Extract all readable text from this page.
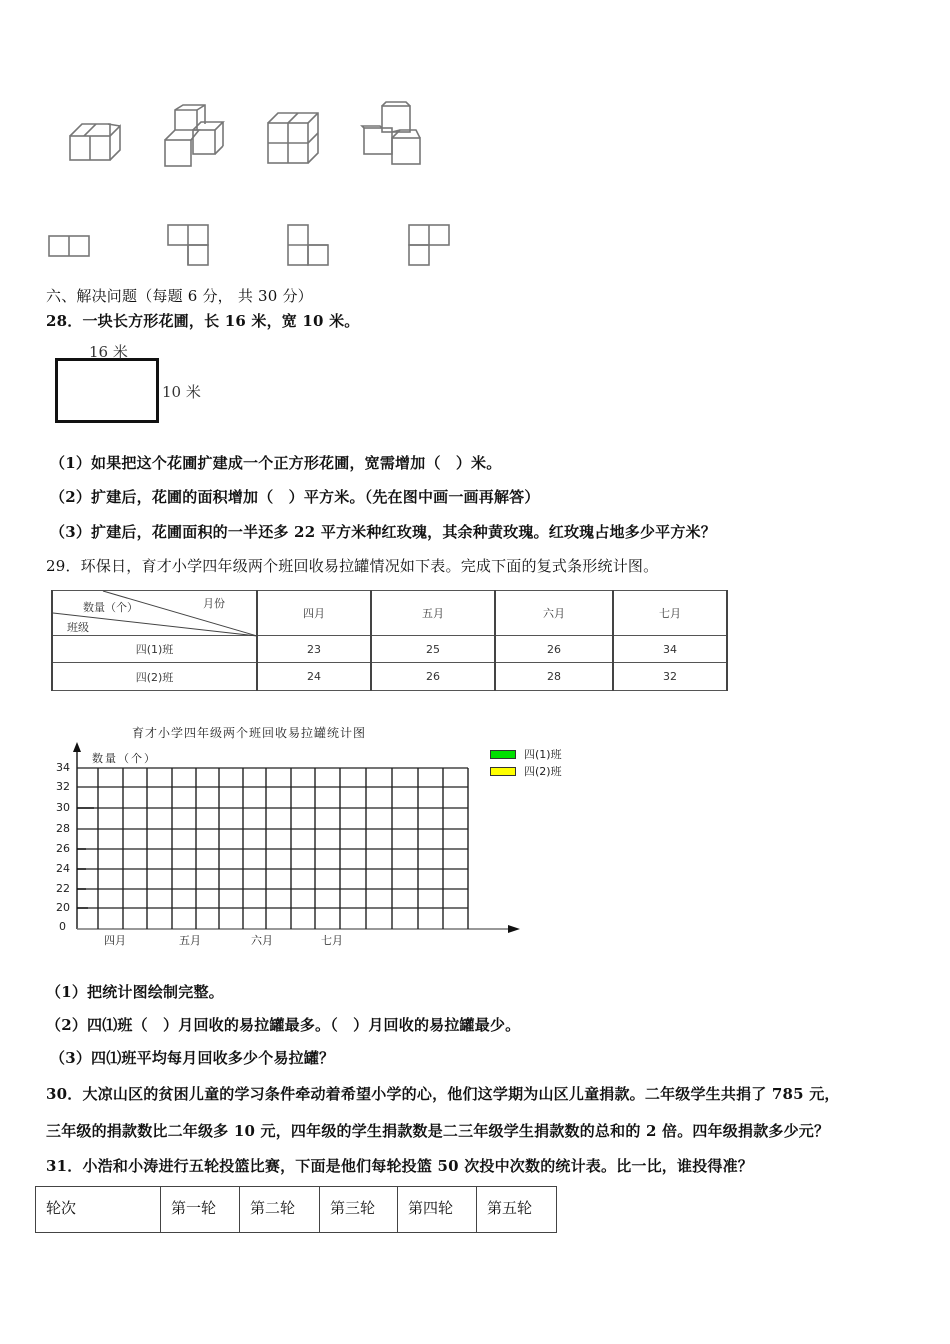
六、解决问题（每题 6 分， 共 30 分）
28．一块长方形花圃，长 16 米，宽 10 米。
16 米
10 米
（1）如果把这个花圃扩建成一个正方形花圃，宽需增加（　）米。
（2）扩建后，花圃的面积增加（　）平方米。（先在图中画一画再解答）
（3）扩建后，花圃面积的一半还多 22 平方米种红玫瑰，其余种黄玫瑰。红玫瑰占地多少平方米？
29．环保日，育才小学四年级两个班回收易拉罐情况如下表。完成下面的复式条形统计图。
月份
数量（个）
班级	四月	五月	六月	七月
四(1)班	23	25	26	34
四(2)班	24	26	28	32
育才小学四年级两个班回收易拉罐统计图
数量（个）
34
32
30
28
26
24
22
20
0
四月	五月	六月	七月
四(1)班
四(2)班
（1）把统计图绘制完整。
（2）四⑴班（　）月回收的易拉罐最多。（　）月回收的易拉罐最少。
（3）四⑴班平均每月回收多少个易拉罐？
30．大凉山区的贫困儿童的学习条件牵动着希望小学的心，他们这学期为山区儿童捐款。二年级学生共捐了 785 元，
三年级的捐款数比二年级多 10 元，四年级的学生捐款数是二三年级学生捐款数的总和的 2 倍。四年级捐款多少元？
31．小浩和小涛进行五轮投篮比赛，下面是他们每轮投篮 50 次投中次数的统计表。比一比，谁投得准？
轮次	第一轮	第二轮	第三轮	第四轮	第五轮
